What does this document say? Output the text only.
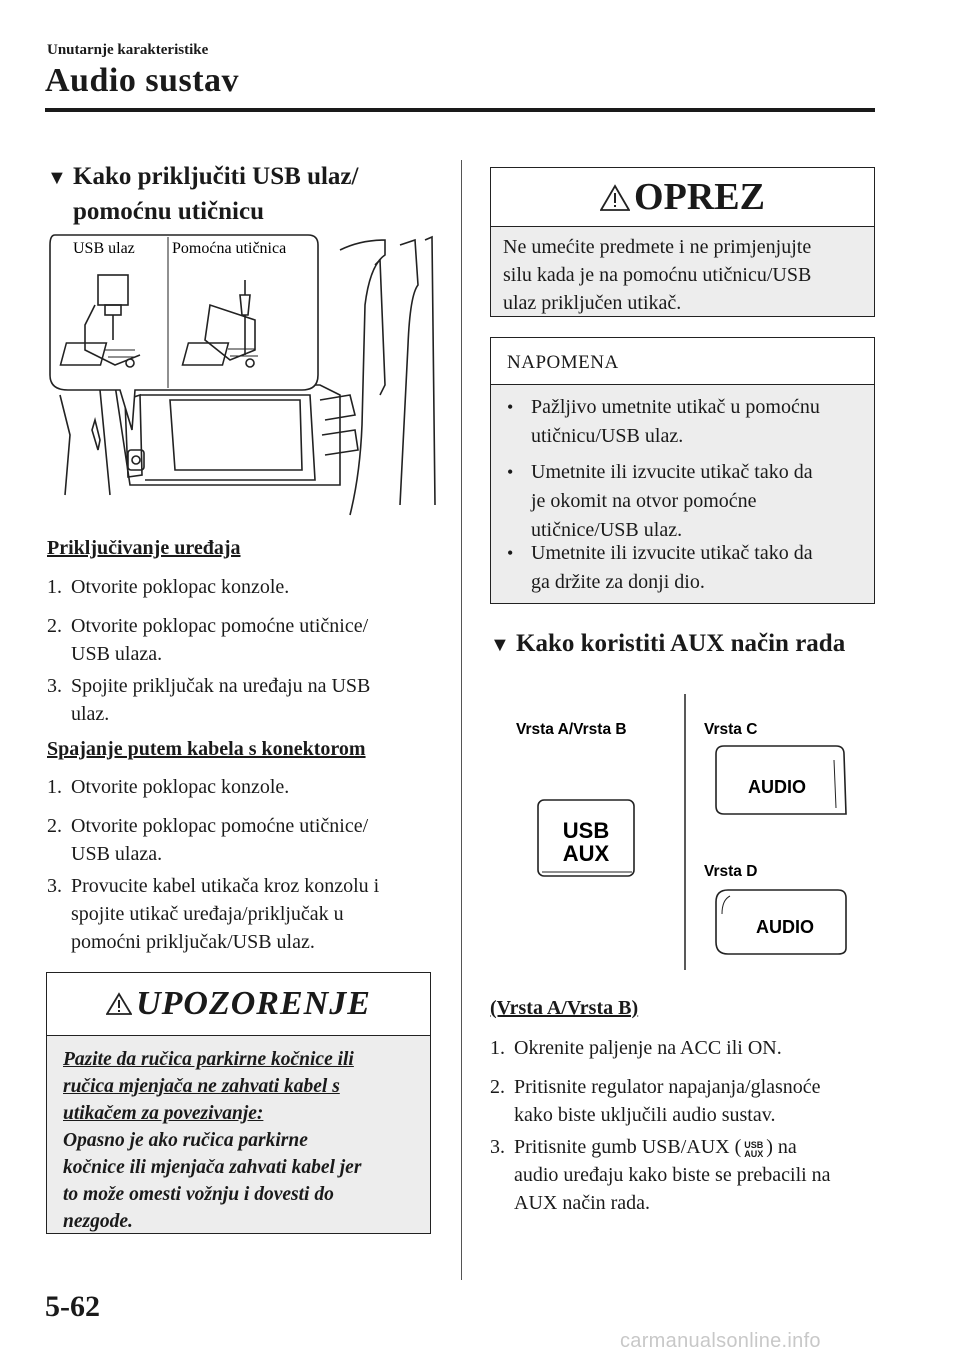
Unutarnje karakteristike
Audio sustav
▼ Kako priključiti USB ulaz/
pomoćnu utičnicu
USB ulaz Pomoćna utičnica
Priključivanje uređaja
1. Otvorite poklopac konzole.
2. Otvorite poklopac pomoćne utičnice/
USB ulaza.
3. Spojite priključak na uređaju na USB
ulaz.
Spajanje putem kabela s konektorom
1. Otvorite poklopac konzole.
2. Otvorite poklopac pomoćne utičnice/
USB ulaza.
3. Provucite kabel utikača kroz konzolu i
spojite utikač uređaja/priključak u
pomoćni priključak/USB ulaz.
UPOZORENJE
Pazite da ručica parkirne kočnice ili
ručica mjenjača ne zahvati kabel s
utikačem za povezivanje:
Opasno je ako ručica parkirne
kočnice ili mjenjača zahvati kabel jer
to može omesti vožnju i dovesti do
nezgode.
OPREZ
Ne umećite predmete i ne primjenjujte
silu kada je na pomoćnu utičnicu/USB
ulaz priključen utikač.
NAPOMENA
• Pažljivo umetnite utikač u pomoćnu
utičnicu/USB ulaz.
• Umetnite ili izvucite utikač tako da
je okomit na otvor pomoćne
utičnice/USB ulaz.
• Umetnite ili izvucite utikač tako da
ga držite za donji dio.
▼ Kako koristiti AUX način rada
Vrsta A/Vrsta B	Vrsta C
Vrsta D
USB
AUX
AUDIO
AUDIO
(Vrsta A/Vrsta B)
1. Okrenite paljenje na ACC ili ON.
2. Pritisnite regulator napajanja/glasnoće
kako biste uključili audio sustav.
3. Pritisnite gumb USB/AUX ( USB
AUX ) na
audio uređaju kako biste se prebacili na
AUX način rada.
5-62
carmanualsonline.info
